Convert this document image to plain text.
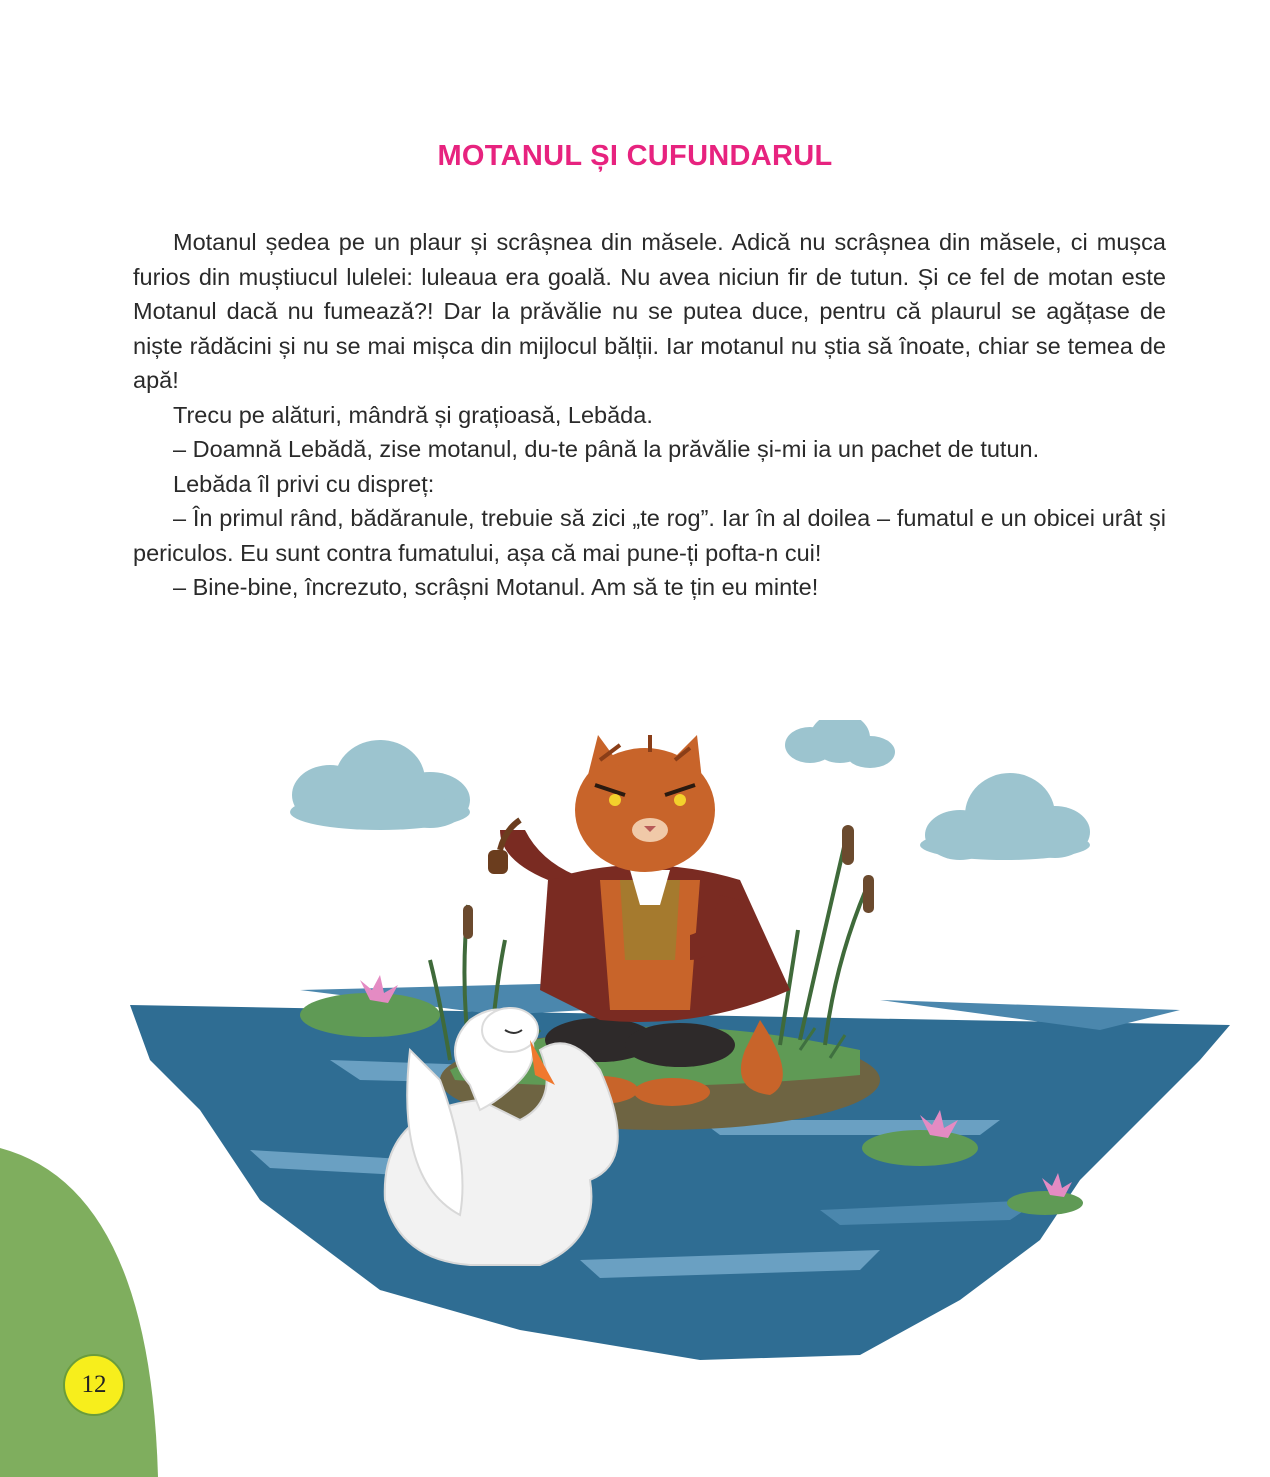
MOTANUL ȘI CUFUNDARUL

Motanul ședea pe un plaur și scrâșnea din măsele. Adică nu scrâșnea din măsele, ci mușca furios din muștiucul lulelei: luleaua era goală. Nu avea niciun fir de tutun. Și ce fel de motan este Motanul dacă nu fumează?! Dar la prăvălie nu se putea duce, pentru că plaurul se agățase de niște rădăcini și nu se mai mișca din mijlocul bălții. Iar motanul nu știa să înoate, chiar se temea de apă!

Trecu pe alături, mândră și grațioasă, Lebăda.

– Doamnă Lebădă, zise motanul, du-te până la prăvălie și-mi ia un pachet de tutun.

Lebăda îl privi cu dispreț:

– În primul rând, bădăranule, trebuie să zici „te rog”. Iar în al doilea – fumatul e un obicei urât și periculos. Eu sunt contra fumatului, așa că mai pune-ți pofta-n cui!

– Bine-bine, încrezuto, scrâșni Motanul. Am să te țin eu minte!

12
